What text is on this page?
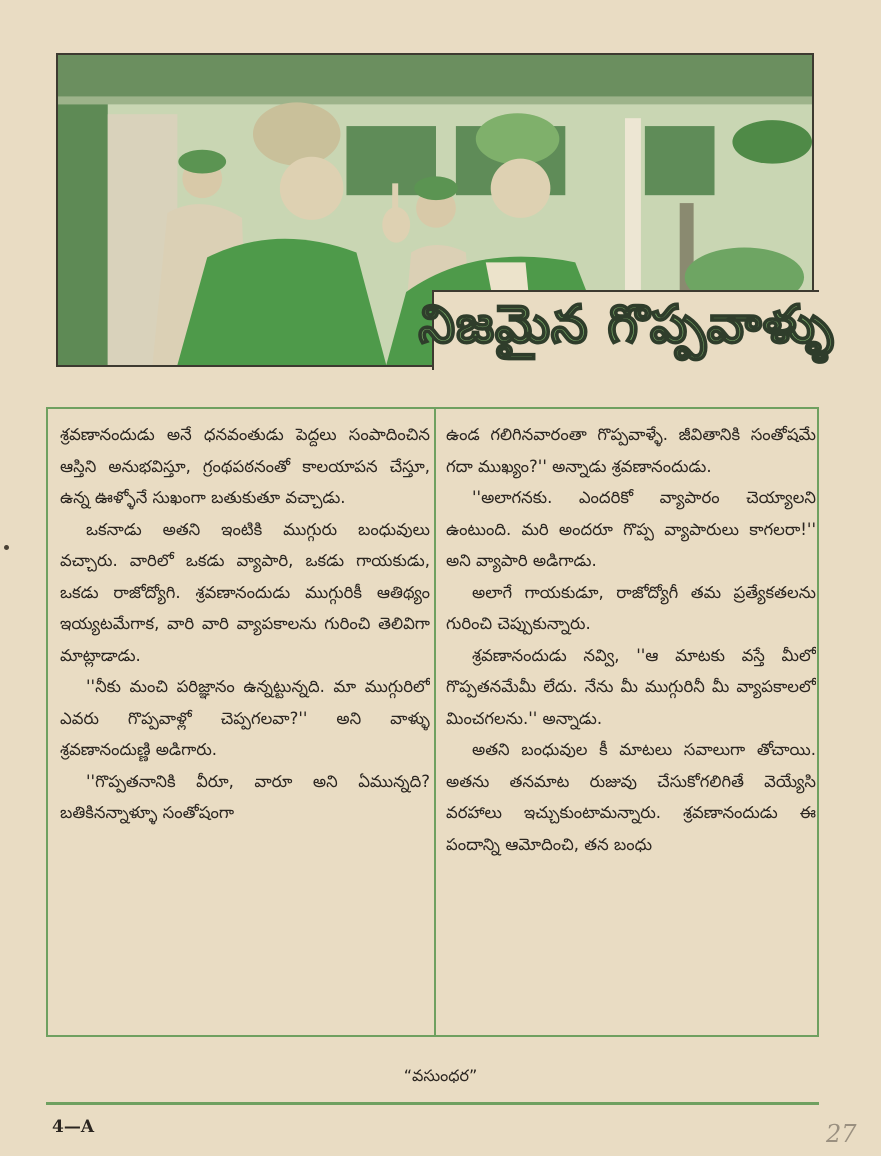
నిజమైన గొప్పవాళ్ళు

శ్రవణానందుడు అనే ధనవంతుడు పెద్దలు సంపాదించిన ఆస్తిని అనుభవిస్తూ, గ్రంథపఠనంతో కాలయాపన చేస్తూ, ఉన్న ఊళ్ళోనే సుఖంగా బతుకుతూ వచ్చాడు.

ఒకనాడు అతని ఇంటికి ముగ్గురు బంధువులు వచ్చారు. వారిలో ఒకడు వ్యాపారి, ఒకడు గాయకుడు, ఒకడు రాజోద్యోగి. శ్రవణానందుడు ముగ్గురికీ ఆతిథ్యం ఇయ్యటమేగాక, వారి వారి వ్యాపకాలను గురించి తెలివిగా మాట్లాడాడు.

''నీకు మంచి పరిజ్ఞానం ఉన్నట్టున్నది. మా ముగ్గురిలో ఎవరు గొప్పవాళ్లో చెప్పగలవా?'' అని వాళ్ళు శ్రవణానందుణ్ణి అడిగారు.

''గొప్పతనానికి వీరూ, వారూ అని ఏమున్నది? బతికినన్నాళ్ళూ సంతోషంగా

ఉండ గలిగినవారంతా గొప్పవాళ్ళే. జీవితానికి సంతోషమే గదా ముఖ్యం?'' అన్నాడు శ్రవణానందుడు.

''అలాగనకు. ఎందరికో వ్యాపారం చెయ్యాలని ఉంటుంది. మరి అందరూ గొప్ప వ్యాపారులు కాగలరా!'' అని వ్యాపారి అడిగాడు.

అలాగే గాయకుడూ, రాజోద్యోగీ తమ ప్రత్యేకతలను గురించి చెప్పుకున్నారు.

శ్రవణానందుడు నవ్వి, ''ఆ మాటకు వస్తే మీలో గొప్పతనమేమీ లేదు. నేను మీ ముగ్గురినీ మీ వ్యాపకాలలో మించగలను.'' అన్నాడు.

అతని బంధువుల కీ మాటలు సవాలుగా తోచాయి. అతను తనమాట రుజువు చేసుకోగలిగితే వెయ్యేసి వరహాలు ఇచ్చుకుంటామన్నారు. శ్రవణానందుడు ఈ పందాన్ని ఆమోదించి, తన బంధు

“వసుంధర”
4—A	27
